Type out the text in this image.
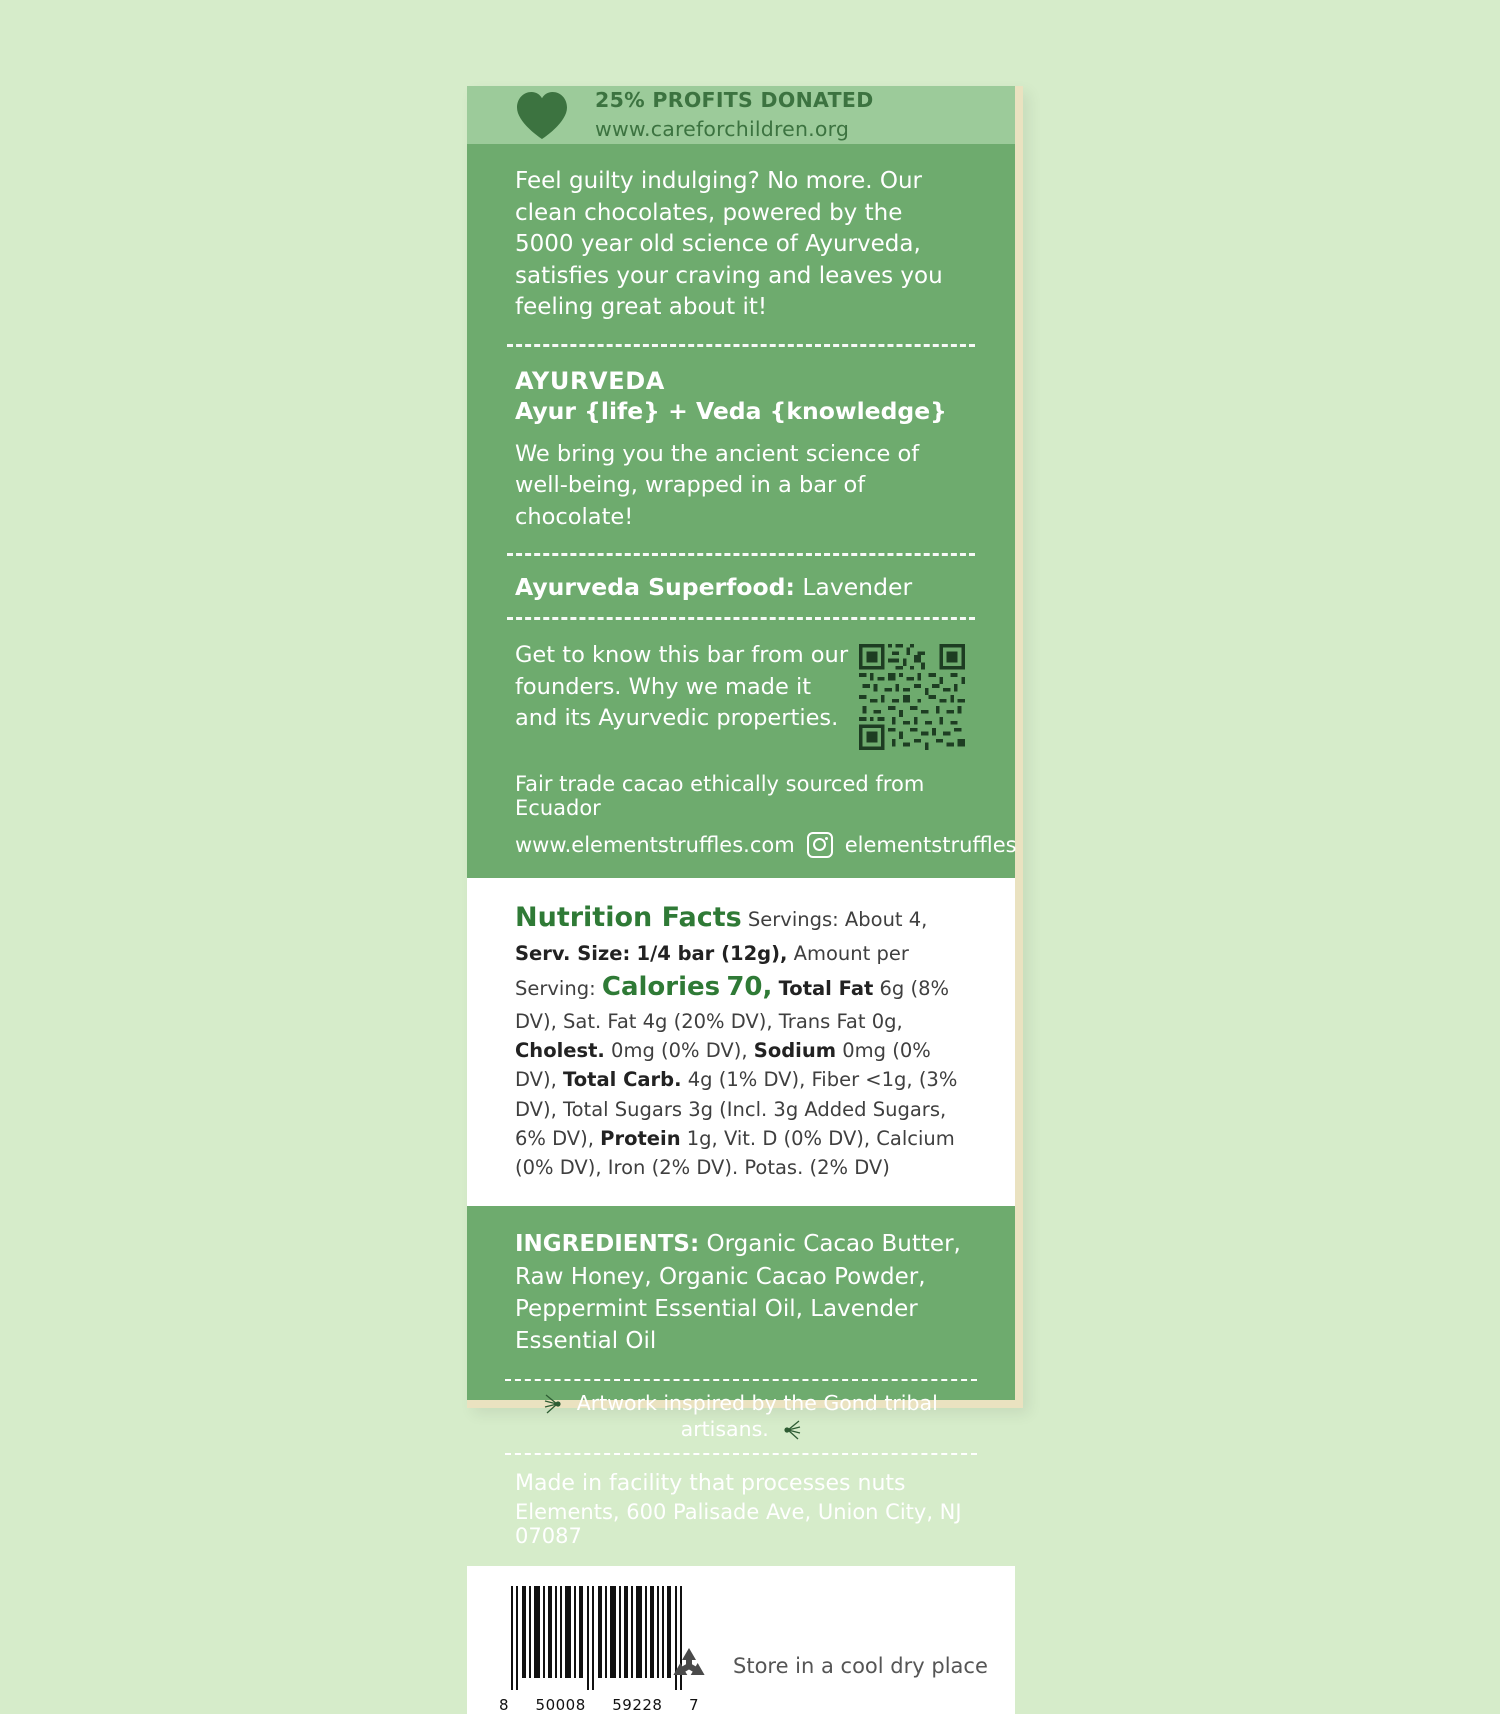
25% PROFITS DONATED
www.careforchildren.org
Feel guilty indulging? No more. Our clean chocolates, powered by the 5000 year old science of Ayurveda, satisfies your craving and leaves you feeling great about it!
AYURVEDA
Ayur {life} + Veda {knowledge}
We bring you the ancient science of well-being, wrapped in a bar of chocolate!
Ayurveda Superfood: Lavender
Get to know this bar from our founders. Why we made it and its Ayurvedic properties.
Fair trade cacao ethically sourced from Ecuador
www.elementstruffles.com elementstruffles
Nutrition Facts Servings: About 4, Serv. Size: 1/4 bar (12g), Amount per Serving: Calories 70, Total Fat 6g (8% DV), Sat. Fat 4g (20% DV), Trans Fat 0g, Cholest. 0mg (0% DV), Sodium 0mg (0% DV), Total Carb. 4g (1% DV), Fiber <1g, (3% DV), Total Sugars 3g (Incl. 3g Added Sugars, 6% DV), Protein 1g, Vit. D (0% DV), Calcium (0% DV), Iron (2% DV). Potas. (2% DV)
INGREDIENTS: Organic Cacao Butter, Raw Honey, Organic Cacao Powder, Peppermint Essential Oil, Lavender Essential Oil
Artwork inspired by the Gond tribal artisans.
Made in facility that processes nuts
Elements, 600 Palisade Ave, Union City, NJ 07087
8 50008 59228 7
Store in a cool dry place
